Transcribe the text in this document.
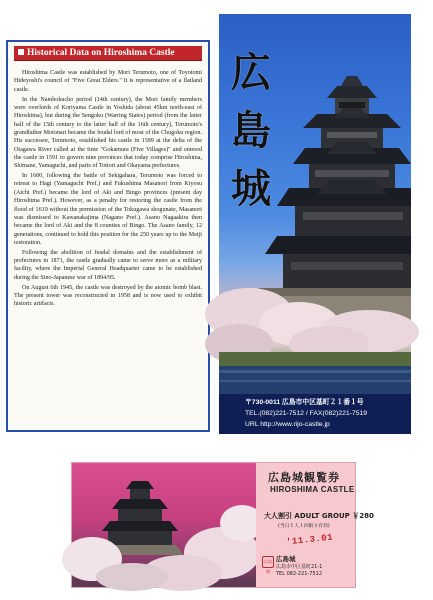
Historical Data on Hiroshima Castle

Hiroshima Castle was established by Mori Terumoto, one of Toyotomi Hideyoshi's council of "Five Great Elders." It is representative of a flatland castle.

In the Nambokucho period (14th century), the Mori family members were overlords of Koriyama Castle in Yoshida (about 45km north-east of Hiroshima), but during the Sengoku (Warring States) period (from the latter half of the 15th century to the latter half of the 16th century), Terumoto's grandfather Motonari became the feudal lord of most of the Chugoku region. His successor, Terumoto, established his castle in 1589 at the delta of the Otagawa River called at the time "Gokamura (Five Villages)" and entered the castle in 1591 to govern nine provinces that today comprise Hiroshima, Shimane, Yamaguchi, and parts of Tottori and Okayama prefectures.

In 1600, following the battle of Sekigahara, Terumoto was forced to retreat to Hagi (Yamaguchi Pref.) and Fukushima Masanori from Kiyosu (Aichi Pref.) became the lord of Aki and Bingo provinces (present day Hiroshima Pref.). However, as a penalty for restoring the castle from the flood of 1619 without the permission of the Tokugawa shogunate, Masanori was dismissed to Kawanakajima (Nagano Pref.). Asano Nagaakira then became the lord of Aki and the 8 counties of Bingo. The Asano family, 12 generations, continued to hold this position for the 250 years up to the Meiji restoration.

Following the abolition of feudal domains and the establishment of prefectures in 1871, the castle gradually came to serve more as a military facility, where the Imperial General Headquarter came to be established during the Sino-Japanese war of 1894/95.

On August 6th 1945, the castle was destroyed by the atomic bomb blast. The present tower was reconstructed in 1958 and is now used to exhibit historic artifacts.

広
島
城
〒730-0011 広島市中区基町２１番１号
TEL.(082)221-7512 / FAX(082)221-7519
URL http://www.rijo-castle.jp
広島城観覧券
HIROSHIMA CASTLE
大人割引 ADULT GROUP ￥280
(当日１人１回限り有効)
'11.3.01
広島城
広島城
広島市中区基町21-1
TEL 082-221-7512
